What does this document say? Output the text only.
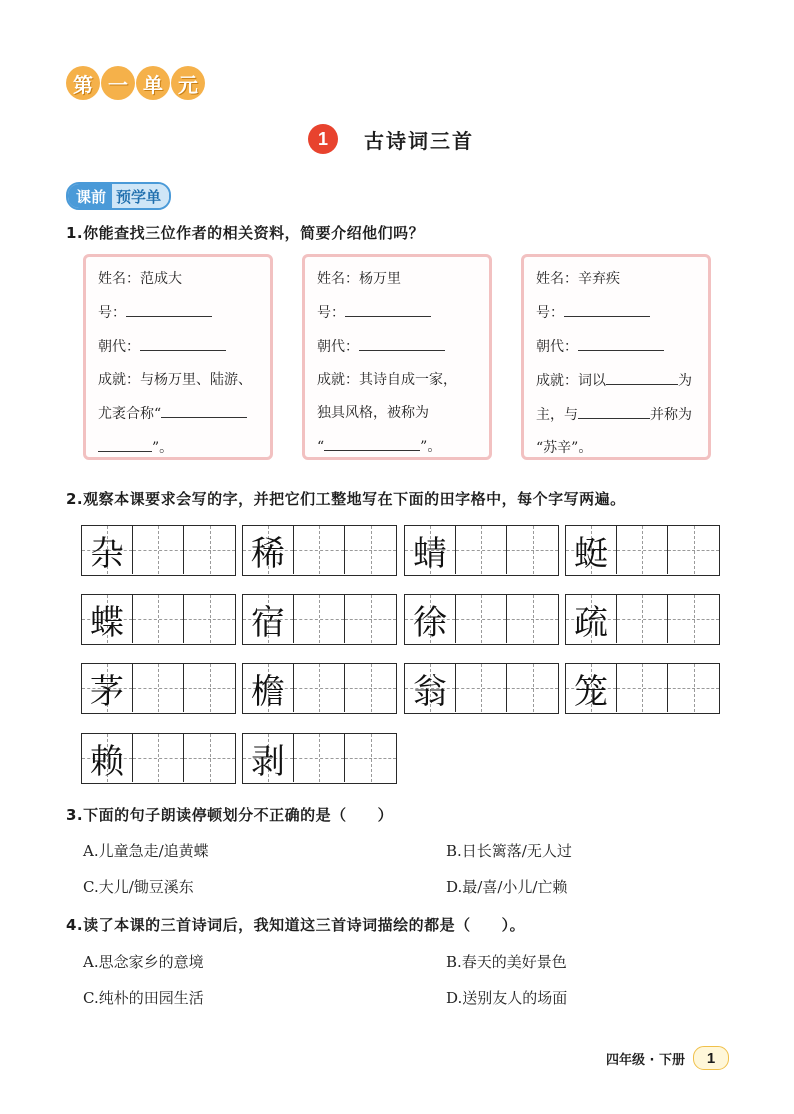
第 一 单 元
1	古诗词三首
课前 预学单
1.你能查找三位作者的相关资料，简要介绍他们吗？
姓名：范成大
号：
朝代：
成就：与杨万里、陆游、
尤袤合称“
”。
姓名：杨万里
号：
朝代：
成就：其诗自成一家，
独具风格，被称为
“	”。
姓名：辛弃疾
号：
朝代：
成就：词以	为
主，与	并称为
“苏辛”。
2.观察本课要求会写的字，并把它们工整地写在下面的田字格中，每个字写两遍。
杂	稀	蜻	蜓
蝶	宿	徐	疏
茅	檐	翁	笼
赖	剥
3.下面的句子朗读停顿划分不正确的是（　　）
A.儿童急走/追黄蝶	B.日长篱落/无人过
C.大儿/锄豆溪东	D.最/喜/小儿/亡赖
4.读了本课的三首诗词后，我知道这三首诗词描绘的都是（　　）。
A.思念家乡的意境	B.春天的美好景色
C.纯朴的田园生活	D.送别友人的场面
四年级 · 下册	1
